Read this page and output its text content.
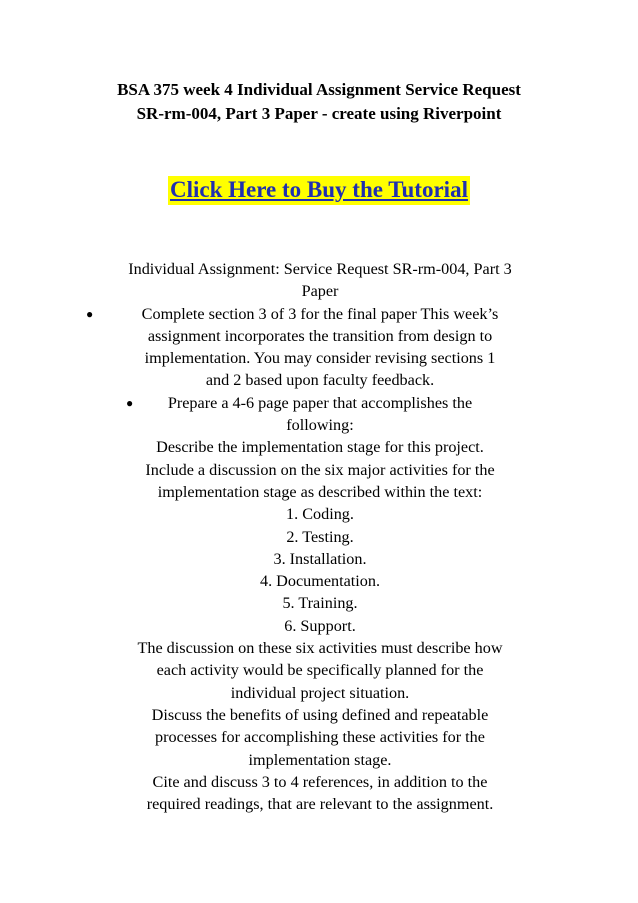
BSA 375 week 4 Individual Assignment Service Request
SR-rm-004, Part 3 Paper - create using Riverpoint
Click Here to Buy the Tutorial
Individual Assignment: Service Request SR-rm-004, Part 3
Paper
●	Complete section 3 of 3 for the final paper This week’s
assignment incorporates the transition from design to
implementation. You may consider revising sections 1
and 2 based upon faculty feedback.
●	Prepare a 4-6 page paper that accomplishes the
following:
Describe the implementation stage for this project.
Include a discussion on the six major activities for the
implementation stage as described within the text:
1. Coding.
2. Testing.
3. Installation.
4. Documentation.
5. Training.
6. Support.
The discussion on these six activities must describe how
each activity would be specifically planned for the
individual project situation.
Discuss the benefits of using defined and repeatable
processes for accomplishing these activities for the
implementation stage.
Cite and discuss 3 to 4 references, in addition to the
required readings, that are relevant to the assignment.
